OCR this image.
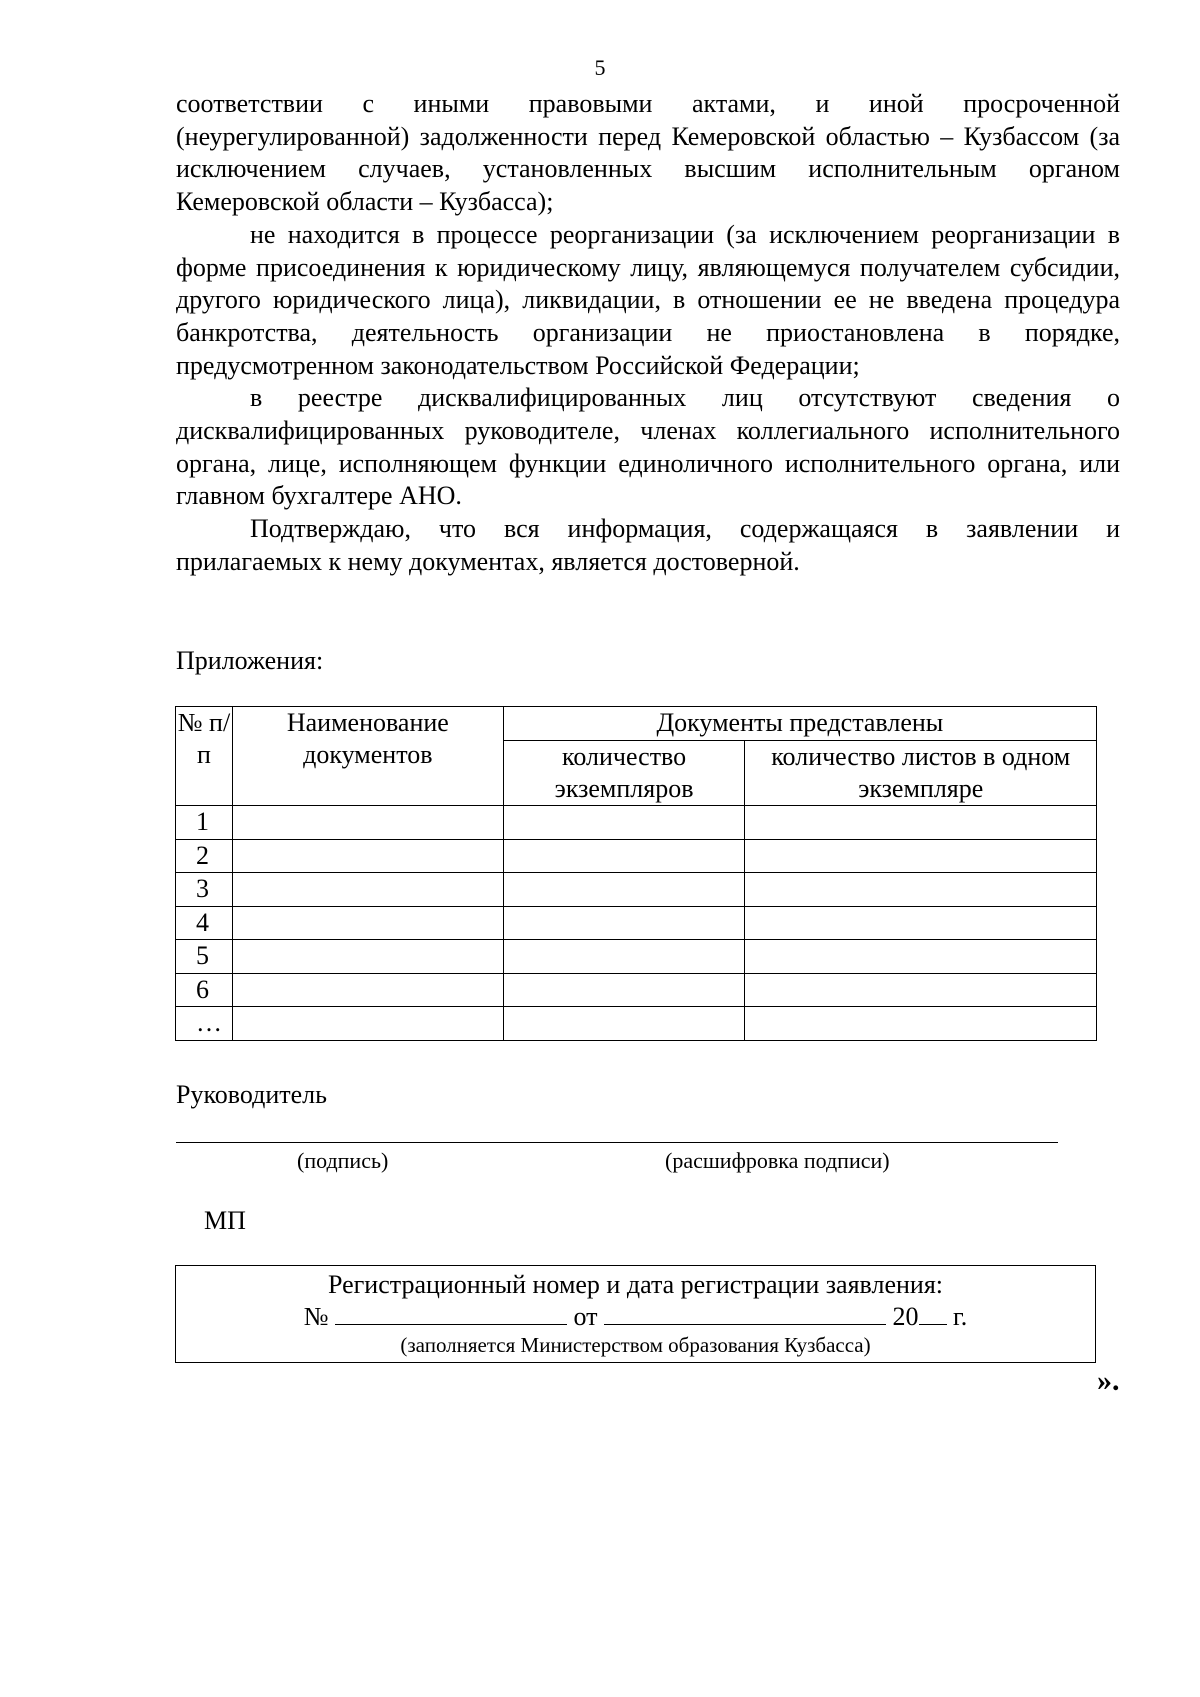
5

соответствии с иными правовыми актами, и иной просроченной (неурегулированной) задолженности перед Кемеровской областью – Кузбассом (за исключением случаев, установленных высшим исполнительным органом Кемеровской области – Кузбасса);

не находится в процессе реорганизации (за исключением реорганизации в форме присоединения к юридическому лицу, являющемуся получателем субсидии, другого юридического лица), ликвидации, в отношении ее не введена процедура банкротства, деятельность организации не приостановлена в порядке, предусмотренном законодательством Российской Федерации;

в реестре дисквалифицированных лиц отсутствуют сведения о дисквалифицированных руководителе, членах коллегиального исполнительного органа, лице, исполняющем функции единоличного исполнительного органа, или главном бухгалтере АНО.

Подтверждаю, что вся информация, содержащаяся в заявлении и прилагаемых к нему документах, является достоверной.

Приложения:
№ п/п	Наименование документов	Документы представлены	
		количество экземпляров	количество листов в одном экземпляре
1			
2			
3			
4			
5			
6			
…			
Руководитель
(подпись)	(расшифровка подписи)
МП
Регистрационный номер и дата регистрации заявления:
№	от	20 г.
(заполняется Министерством образования Кузбасса)
».
